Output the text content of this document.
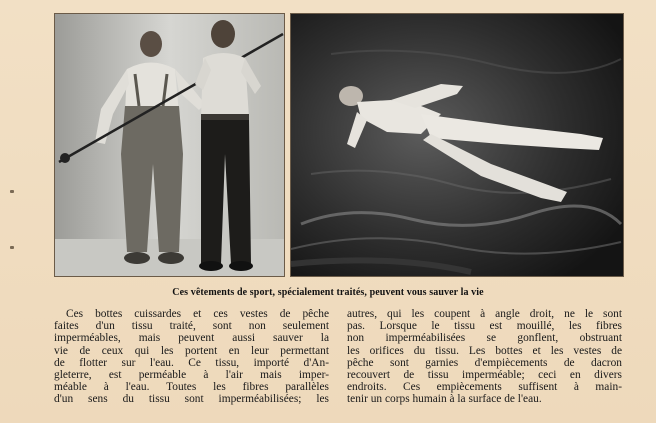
Ces vêtements de sport, spécialement traités, peuvent vous sauver la vie
Ces bottes cuissardes et ces vestes de pêche
faites d'un tissu traité, sont non seulement
imperméables, mais peuvent aussi sauver la
vie de ceux qui les portent en leur permettant
de flotter sur l'eau. Ce tissu, importé d'An-
gleterre, est perméable à l'air mais imper-
méable à l'eau. Toutes les fibres parallèles
d'un sens du tissu sont imperméabilisées; les
autres, qui les coupent à angle droit, ne le sont
pas. Lorsque le tissu est mouillé, les fibres
non imperméabilisées se gonflent, obstruant
les orifices du tissu. Les bottes et les vestes de
pêche sont garnies d'empiècements de dacron
recouvert de tissu imperméable; ceci en divers
endroits. Ces empiècements suffisent à main-
tenir un corps humain à la surface de l'eau.
